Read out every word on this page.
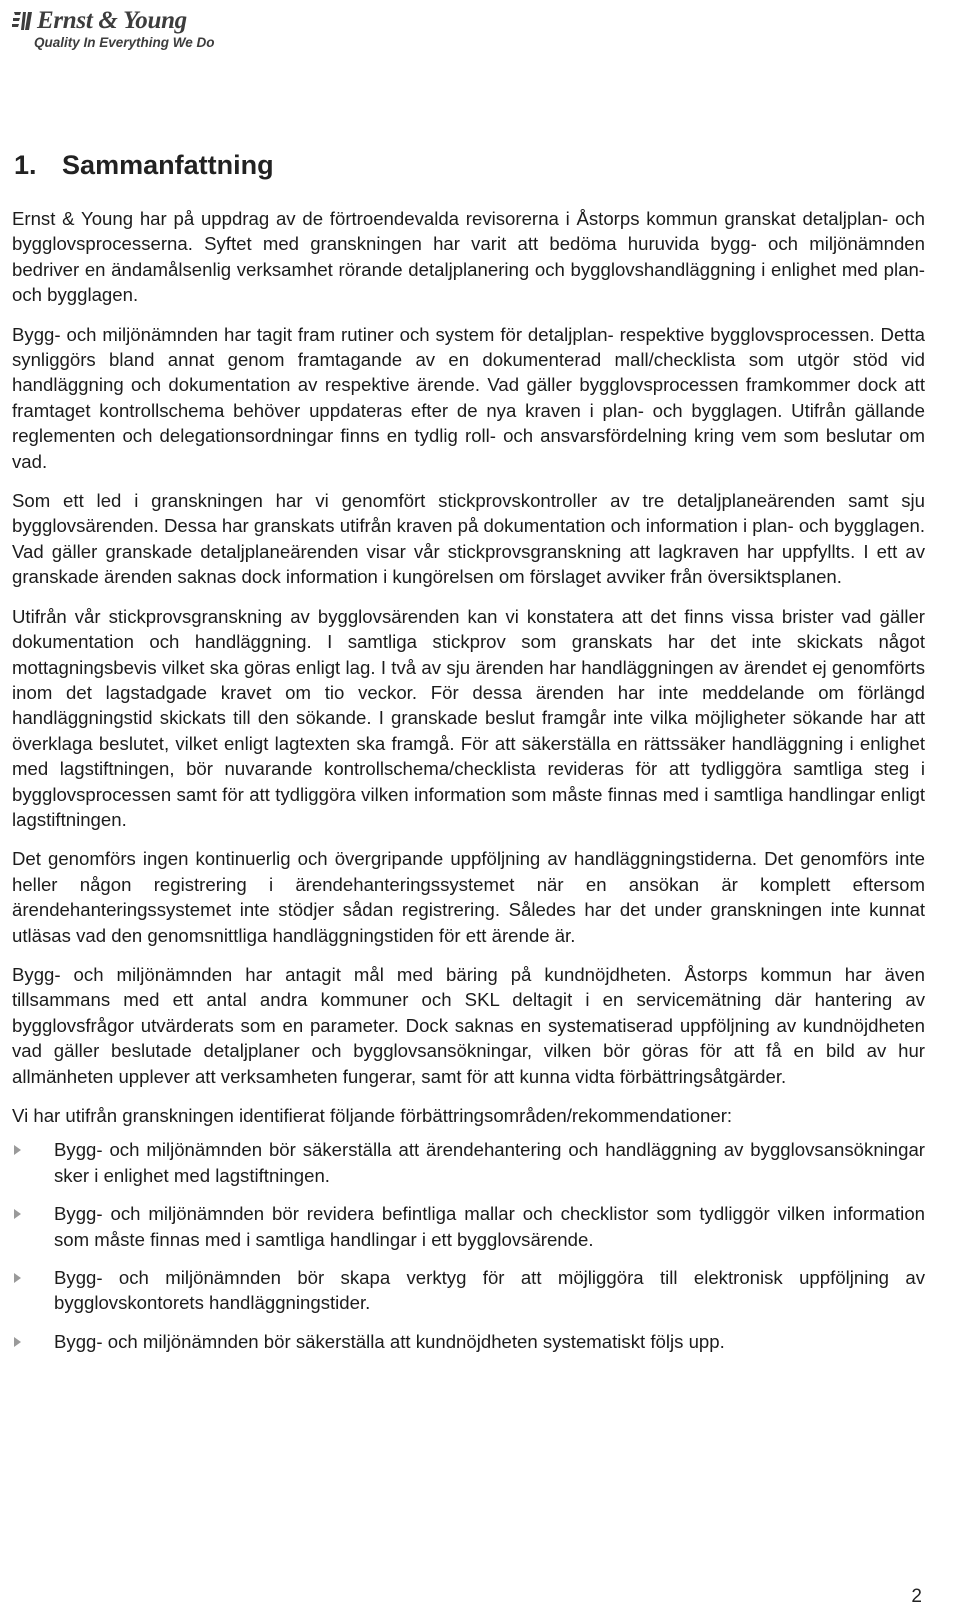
Ernst & Young
Quality In Everything We Do
1. Sammanfattning

Ernst & Young har på uppdrag av de förtroendevalda revisorerna i Åstorps kommun granskat detaljplan- och bygglovsprocesserna. Syftet med granskningen har varit att bedöma huruvida bygg- och miljönämnden bedriver en ändamålsenlig verksamhet rörande detaljplanering och bygglovshandläggning i enlighet med plan- och bygglagen.

Bygg- och miljönämnden har tagit fram rutiner och system för detaljplan- respektive bygglovsprocessen. Detta synliggörs bland annat genom framtagande av en dokumenterad mall/checklista som utgör stöd vid handläggning och dokumentation av respektive ärende. Vad gäller bygglovsprocessen framkommer dock att framtaget kontrollschema behöver uppdateras efter de nya kraven i plan- och bygglagen. Utifrån gällande reglementen och delegationsordningar finns en tydlig roll- och ansvarsfördelning kring vem som beslutar om vad.

Som ett led i granskningen har vi genomfört stickprovskontroller av tre detaljplaneärenden samt sju bygglovsärenden. Dessa har granskats utifrån kraven på dokumentation och information i plan- och bygglagen. Vad gäller granskade detaljplaneärenden visar vår stickprovsgranskning att lagkraven har uppfyllts. I ett av granskade ärenden saknas dock information i kungörelsen om förslaget avviker från översiktsplanen.

Utifrån vår stickprovsgranskning av bygglovsärenden kan vi konstatera att det finns vissa brister vad gäller dokumentation och handläggning. I samtliga stickprov som granskats har det inte skickats något mottagningsbevis vilket ska göras enligt lag. I två av sju ärenden har handläggningen av ärendet ej genomförts inom det lagstadgade kravet om tio veckor. För dessa ärenden har inte meddelande om förlängd handläggningstid skickats till den sökande. I granskade beslut framgår inte vilka möjligheter sökande har att överklaga beslutet, vilket enligt lagtexten ska framgå. För att säkerställa en rättssäker handläggning i enlighet med lagstiftningen, bör nuvarande kontrollschema/checklista revideras för att tydliggöra samtliga steg i bygglovsprocessen samt för att tydliggöra vilken information som måste finnas med i samtliga handlingar enligt lagstiftningen.

Det genomförs ingen kontinuerlig och övergripande uppföljning av handläggningstiderna. Det genomförs inte heller någon registrering i ärendehanteringssystemet när en ansökan är komplett eftersom ärendehanteringssystemet inte stödjer sådan registrering. Således har det under granskningen inte kunnat utläsas vad den genomsnittliga handläggningstiden för ett ärende är.

Bygg- och miljönämnden har antagit mål med bäring på kundnöjdheten. Åstorps kommun har även tillsammans med ett antal andra kommuner och SKL deltagit i en servicemätning där hantering av bygglovsfrågor utvärderats som en parameter. Dock saknas en systematiserad uppföljning av kundnöjdheten vad gäller beslutade detaljplaner och bygglovsansökningar, vilken bör göras för att få en bild av hur allmänheten upplever att verksamheten fungerar, samt för att kunna vidta förbättringsåtgärder.

Vi har utifrån granskningen identifierat följande förbättringsområden/rekommendationer:

Bygg- och miljönämnden bör säkerställa att ärendehantering och handläggning av bygglovsansökningar sker i enlighet med lagstiftningen.
Bygg- och miljönämnden bör revidera befintliga mallar och checklistor som tydliggör vilken information som måste finnas med i samtliga handlingar i ett bygglovsärende.
Bygg- och miljönämnden bör skapa verktyg för att möjliggöra till elektronisk uppföljning av bygglovskontorets handläggningstider.
Bygg- och miljönämnden bör säkerställa att kundnöjdheten systematiskt följs upp.
2
